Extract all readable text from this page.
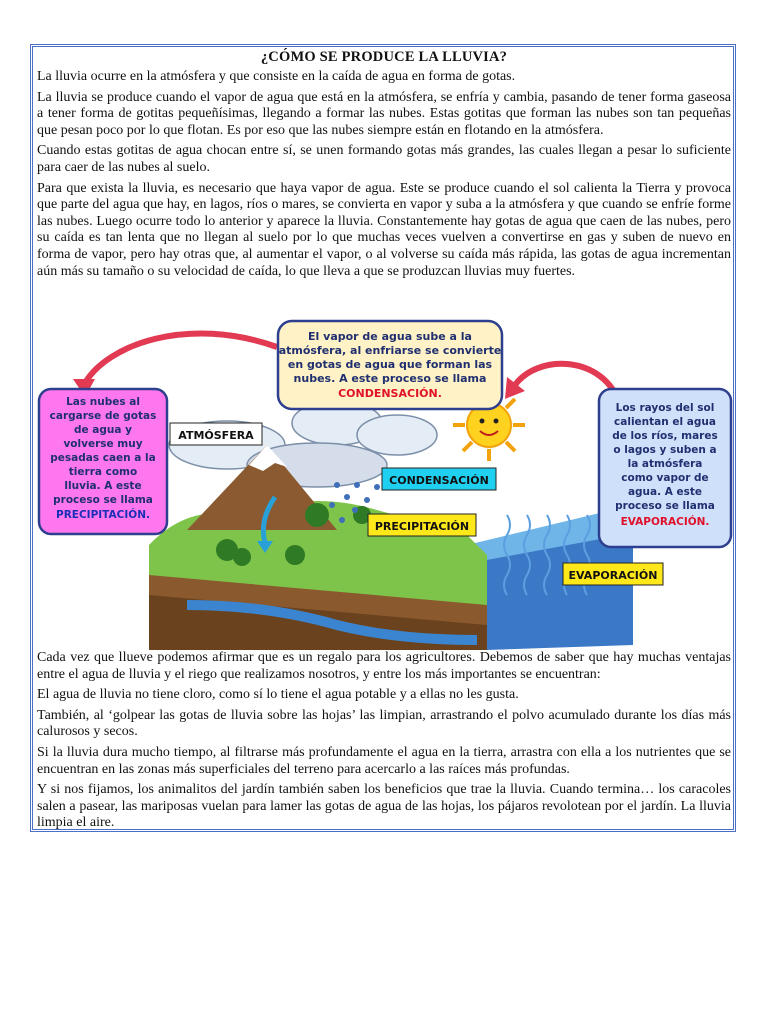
¿CÓMO SE PRODUCE LA LLUVIA?

La lluvia ocurre en la atmósfera y que consiste en la caída de agua en forma de gotas.

La lluvia se produce cuando el vapor de agua que está en la atmósfera, se enfría y cambia, pasando de tener forma gaseosa a tener forma de gotitas pequeñísimas, llegando a formar las nubes. Estas gotitas que forman las nubes son tan pequeñas que pesan poco por lo que flotan. Es por eso que las nubes siempre están en flotando en la atmósfera.

Cuando estas gotitas de agua chocan entre sí, se unen formando gotas más grandes, las cuales llegan a pesar lo suficiente para caer de las nubes al suelo.

Para que exista la lluvia, es necesario que haya vapor de agua. Este se produce cuando el sol calienta la Tierra y provoca que parte del agua que hay, en lagos, ríos o mares, se convierta en vapor y suba a la atmósfera y que cuando se enfríe forme las nubes. Luego ocurre todo lo anterior y aparece la lluvia. Constantemente hay gotas de agua que caen de las nubes, pero su caída es tan lenta que no llegan al suelo por lo que muchas veces vuelven a convertirse en gas y suben de nuevo en forma de vapor, pero hay otras que, al aumentar el vapor, o al volverse su caída más rápida, las gotas de agua incrementan aún más su tamaño o su velocidad de caída, lo que lleva a que se produzcan lluvias muy fuertes.

El vapor de agua sube a la
atmósfera, al enfriarse se convierte
en gotas de agua que forman las
nubes. A este proceso se llama
CONDENSACIÓN.
Las nubes al
cargarse de gotas
de agua y
volverse muy
pesadas caen a la
tierra como
lluvia. A este
proceso se llama
PRECIPITACIÓN.
Los rayos del sol
calientan el agua
de los ríos, mares
o lagos y suben a
la atmósfera
como vapor de
agua. A este
proceso se llama
EVAPORACIÓN.
ATMÓSFERA
CONDENSACIÓN
PRECIPITACIÓN
EVAPORACIÓN

Cada vez que llueve podemos afirmar que es un regalo para los agricultores. Debemos de saber que hay muchas ventajas entre el agua de lluvia y el riego que realizamos nosotros, y entre los más importantes se encuentran:

El agua de lluvia no tiene cloro, como sí lo tiene el agua potable y a ellas no les gusta.

También, al ‘golpear las gotas de lluvia sobre las hojas’ las limpian, arrastrando el polvo acumulado durante los días más calurosos y secos.

Si la lluvia dura mucho tiempo, al filtrarse más profundamente el agua en la tierra, arrastra con ella a los nutrientes que se encuentran en las zonas más superficiales del terreno para acercarlo a las raíces más profundas.

Y si nos fijamos, los animalitos del jardín también saben los beneficios que trae la lluvia. Cuando termina… los caracoles salen a pasear, las mariposas vuelan para lamer las gotas de agua de las hojas, los pájaros revolotean por el jardín. La lluvia limpia el aire.
